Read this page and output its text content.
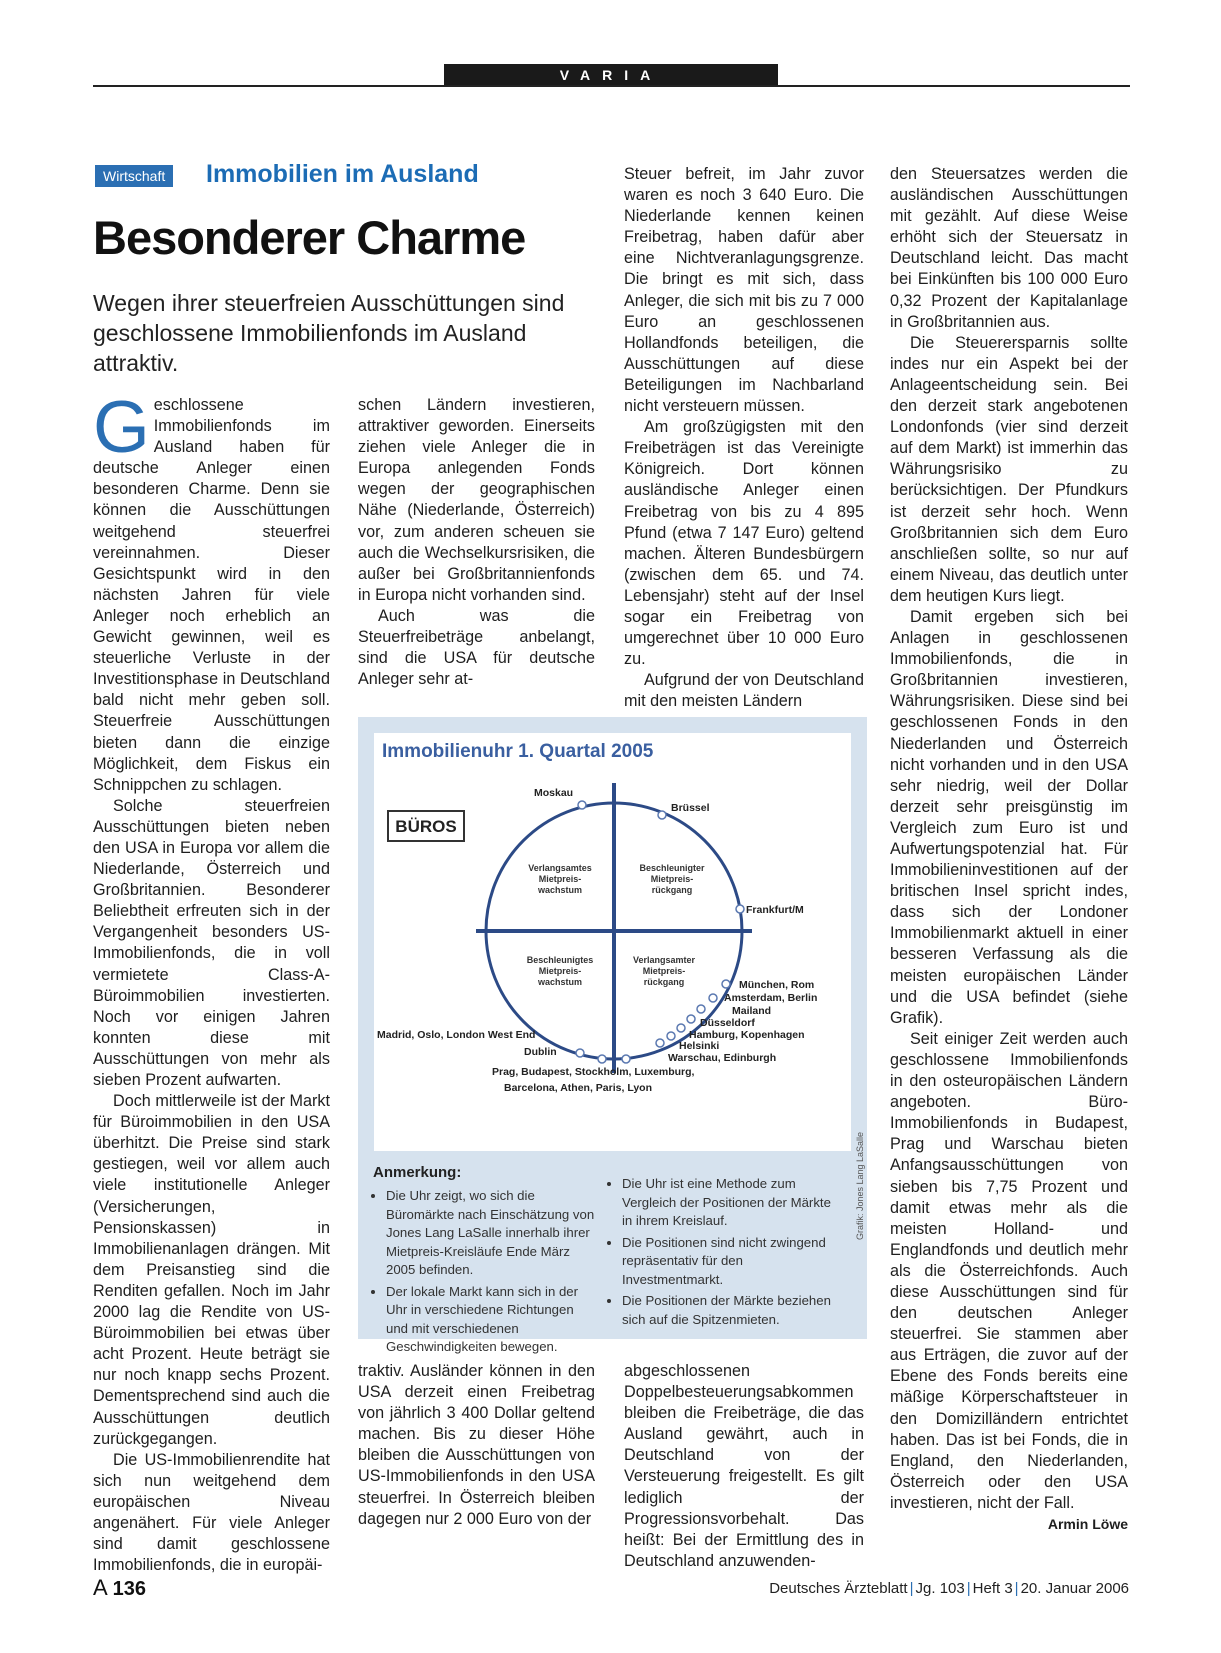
VARIA
Wirtschaft	Immobilien im Ausland
Besonderer Charme
Wegen ihrer steuerfreien Ausschüttungen sind geschlossene Immobilienfonds im Ausland attraktiv.

Geschlossene Immobilienfonds im Ausland haben für deutsche Anleger einen besonderen Charme. Denn sie können die Ausschüttungen weitgehend steuerfrei vereinnahmen. Dieser Gesichtspunkt wird in den nächsten Jahren für viele Anleger noch erheblich an Gewicht gewinnen, weil es steuerliche Verluste in der Investitionsphase in Deutschland bald nicht mehr geben soll. Steuerfreie Ausschüttungen bieten dann die einzige Möglichkeit, dem Fiskus ein Schnippchen zu schlagen.

Solche steuerfreien Ausschüttungen bieten neben den USA in Europa vor allem die Niederlande, Österreich und Großbritannien. Besonderer Beliebtheit erfreuten sich in der Vergangenheit besonders US-Immobilienfonds, die in voll vermietete Class-A-Büroimmobilien investierten. Noch vor einigen Jahren konnten diese mit Ausschüttungen von mehr als sieben Prozent aufwarten.

Doch mittlerweile ist der Markt für Büroimmobilien in den USA überhitzt. Die Preise sind stark gestiegen, weil vor allem auch viele institutionelle Anleger (Versicherungen, Pensionskassen) in Immobilienanlagen drängen. Mit dem Preisanstieg sind die Renditen gefallen. Noch im Jahr 2000 lag die Rendite von US-Büroimmobilien bei etwas über acht Prozent. Heute beträgt sie nur noch knapp sechs Prozent. Dementsprechend sind auch die Ausschüttungen deutlich zurückgegangen.

Die US-Immobilienrendite hat sich nun weitgehend dem europäischen Niveau angenähert. Für viele Anleger sind damit geschlossene Immobilienfonds, die in europäi-

schen Ländern investieren, attraktiver geworden. Einerseits ziehen viele Anleger die in Europa anlegenden Fonds wegen der geographischen Nähe (Niederlande, Österreich) vor, zum anderen scheuen sie auch die Wechselkursrisiken, die außer bei Großbritannienfonds in Europa nicht vorhanden sind.

Auch was die Steuerfreibeträge anbelangt, sind die USA für deutsche Anleger sehr at-

Steuer befreit, im Jahr zuvor waren es noch 3 640 Euro. Die Niederlande kennen keinen Freibetrag, haben dafür aber eine Nichtveranlagungsgrenze. Die bringt es mit sich, dass Anleger, die sich mit bis zu 7 000 Euro an geschlossenen Hollandfonds beteiligen, die Ausschüttungen auf diese Beteiligungen im Nachbarland nicht versteuern müssen.

Am großzügigsten mit den Freibeträgen ist das Vereinigte Königreich. Dort können ausländische Anleger einen Freibetrag von bis zu 4 895 Pfund (etwa 7 147 Euro) geltend machen. Älteren Bundesbürgern (zwischen dem 65. und 74. Lebensjahr) steht auf der Insel sogar ein Freibetrag von umgerechnet über 10 000 Euro zu.

Aufgrund der von Deutschland mit den meisten Ländern

den Steuersatzes werden die ausländischen Ausschüttungen mit gezählt. Auf diese Weise erhöht sich der Steuersatz in Deutschland leicht. Das macht bei Einkünften bis 100 000 Euro 0,32 Prozent der Kapitalanlage in Großbritannien aus.

Die Steuerersparnis sollte indes nur ein Aspekt bei der Anlageentscheidung sein. Bei den derzeit stark angebotenen Londonfonds (vier sind derzeit auf dem Markt) ist immerhin das Währungsrisiko zu berücksichtigen. Der Pfundkurs ist derzeit sehr hoch. Wenn Großbritannien sich dem Euro anschließen sollte, so nur auf einem Niveau, das deutlich unter dem heutigen Kurs liegt.

Damit ergeben sich bei Anlagen in geschlossenen Immobilienfonds, die in Großbritannien investieren, Währungsrisiken. Diese sind bei geschlossenen Fonds in den Niederlanden und Österreich nicht vorhanden und in den USA sehr niedrig, weil der Dollar derzeit sehr preisgünstig im Vergleich zum Euro ist und Aufwertungspotenzial hat. Für Immobilieninvestitionen auf der britischen Insel spricht indes, dass sich der Londoner Immobilienmarkt aktuell in einer besseren Verfassung als die meisten europäischen Länder und die USA befindet (siehe Grafik).

Seit einiger Zeit werden auch geschlossene Immobilienfonds in den osteuropäischen Ländern angeboten. Büro-Immobilienfonds in Budapest, Prag und Warschau bieten Anfangsausschüttungen von sieben bis 7,75 Prozent und damit etwas mehr als die meisten Holland- und Englandfonds und deutlich mehr als die Österreichfonds. Auch diese Ausschüttungen sind für den deutschen Anleger steuerfrei. Sie stammen aber aus Erträgen, die zuvor auf der Ebene des Fonds bereits eine mäßige Körperschaftsteuer in den Domizilländern entrichtet haben. Das ist bei Fonds, die in England, den Niederlanden, Österreich oder den USA investieren, nicht der Fall.
Armin Löwe

Immobilienuhr 1. Quartal 2005
BÜROS
Verlangsamtes
Mietpreis-
wachstum
Beschleunigter
Mietpreis-
rückgang
Beschleunigtes
Mietpreis-
wachstum
Verlangsamter
Mietpreis-
rückgang
Moskau
Brüssel
Frankfurt/M
München, Rom
Amsterdam, Berlin
Mailand
Düsseldorf
Hamburg, Kopenhagen
Helsinki
Warschau, Edinburgh
Madrid, Oslo, London West End
Dublin
Prag, Budapest, Stockholm, Luxemburg,
Barcelona, Athen, Paris, Lyon
Anmerkung:
• Die Uhr zeigt, wo sich die Büromärkte nach Einschätzung von Jones Lang LaSalle innerhalb ihrer Mietpreis-Kreisläufe Ende März 2005 befinden.
• Der lokale Markt kann sich in der Uhr in verschiedene Richtungen und mit verschiedenen Geschwindigkeiten bewegen.
• Die Uhr ist eine Methode zum Vergleich der Positionen der Märkte in ihrem Kreislauf.
• Die Positionen sind nicht zwingend repräsentativ für den Investmentmarkt.
• Die Positionen der Märkte beziehen sich auf die Spitzenmieten.
Grafik: Jones Lang LaSalle

traktiv. Ausländer können in den USA derzeit einen Freibetrag von jährlich 3 400 Dollar geltend machen. Bis zu dieser Höhe bleiben die Ausschüttungen von US-Immobilienfonds in den USA steuerfrei. In Österreich bleiben dagegen nur 2 000 Euro von der

abgeschlossenen Doppelbesteuerungsabkommen bleiben die Freibeträge, die das Ausland gewährt, auch in Deutschland von der Versteuerung freigestellt. Es gilt lediglich der Progressionsvorbehalt. Das heißt: Bei der Ermittlung des in Deutschland anzuwenden-

A 136	Deutsches Ärzteblatt | Jg. 103 | Heft 3 | 20. Januar 2006
